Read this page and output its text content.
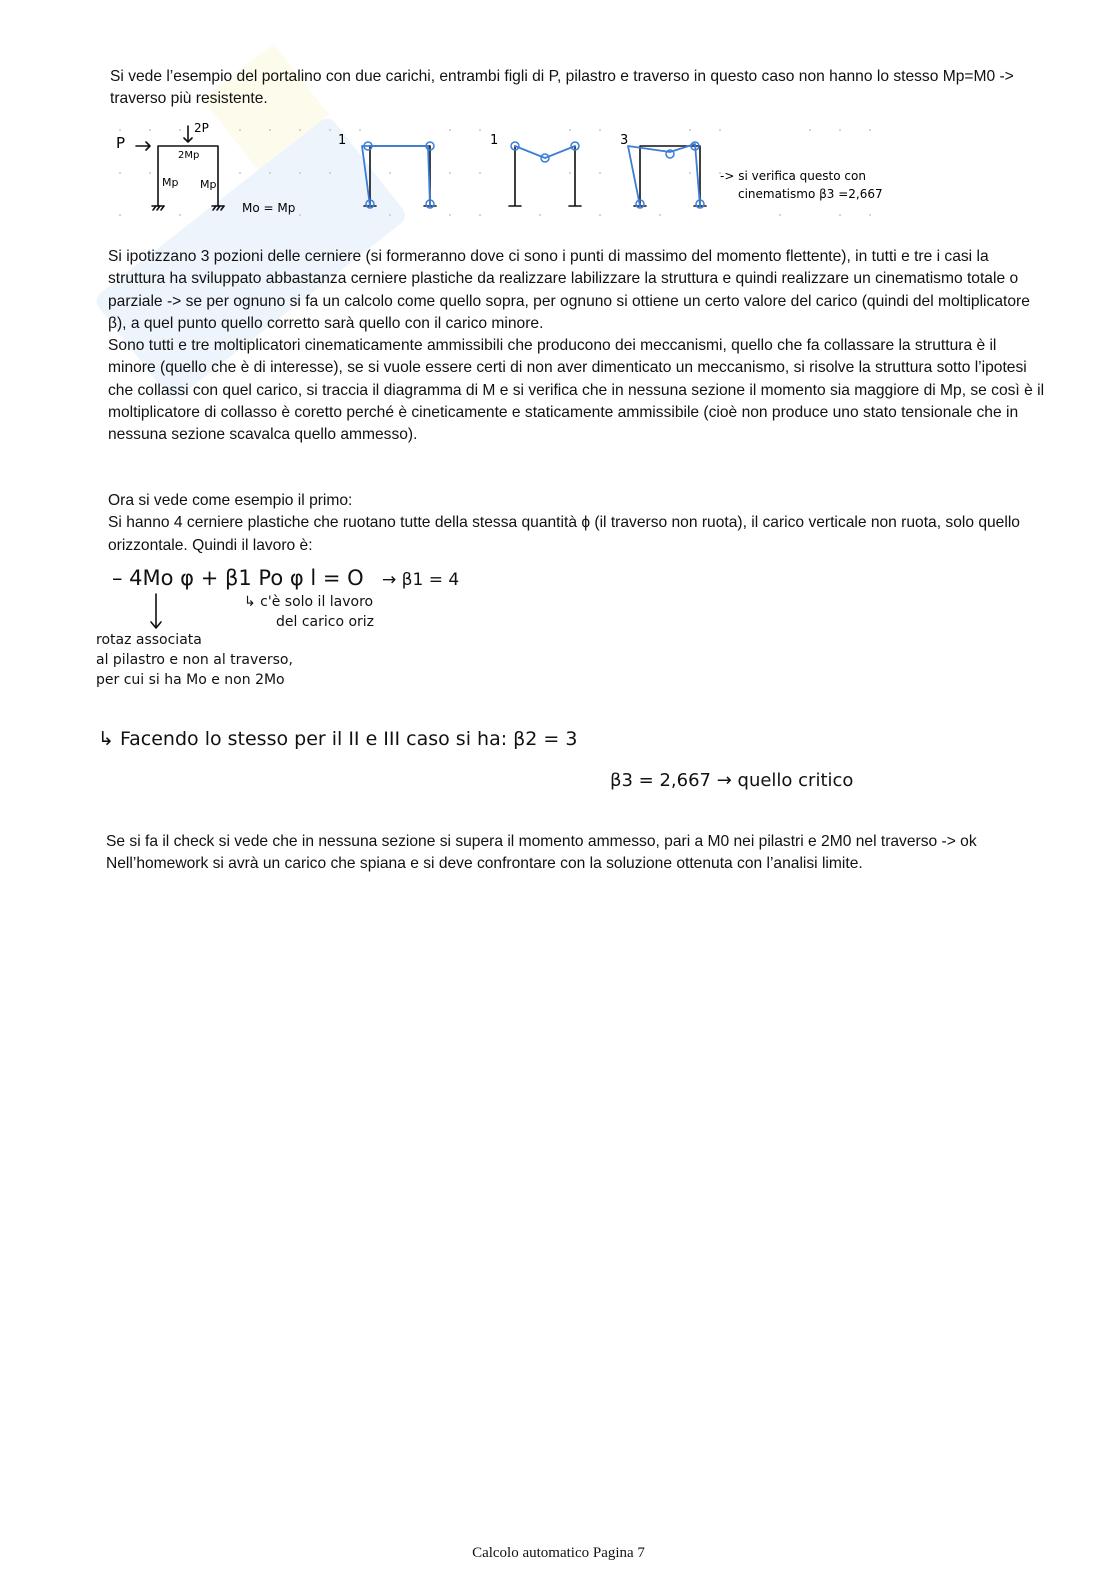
Si vede l’esempio del portalino con due carichi, entrambi figli di P, pilastro e traverso in questo caso non hanno lo stesso Mp=M0 ->
traverso più resistente.

P
2P
2Mp
Mp Mp
Mo = Mp
1	1	3
-> si verifica questo con
cinematismo β3 =2,667

Si ipotizzano 3 pozioni delle cerniere (si formeranno dove ci sono i punti di massimo del momento flettente), in tutti e tre i casi la
struttura ha sviluppato abbastanza cerniere plastiche da realizzare labilizzare la struttura e quindi realizzare un cinematismo totale o
parziale -> se per ognuno si fa un calcolo come quello sopra, per ognuno si ottiene un certo valore del carico (quindi del moltiplicatore
β), a quel punto quello corretto sarà quello con il carico minore.
Sono tutti e tre moltiplicatori cinematicamente ammissibili che producono dei meccanismi, quello che fa collassare la struttura è il
minore (quello che è di interesse), se si vuole essere certi di non aver dimenticato un meccanismo, si risolve la struttura sotto l’ipotesi
che collassi con quel carico, si traccia il diagramma di M e si verifica che in nessuna sezione il momento sia maggiore di Mp, se così è il
moltiplicatore di collasso è coretto perché è cineticamente e staticamente ammissibile (cioè non produce uno stato tensionale che in
nessuna sezione scavalca quello ammesso).

Ora si vede come esempio il primo:
Si hanno 4 cerniere plastiche che ruotano tutte della stessa quantità ϕ (il traverso non ruota), il carico verticale non ruota, solo quello
orizzontale. Quindi il lavoro è:

– 4Mo φ + β1 Po φ l = O → β1 = 4
↳ c'è solo il lavoro
del carico oriz
rotaz associata
al pilastro e non al traverso,
per cui si ha Mo e non 2Mo
↳ Facendo lo stesso per il II e III caso si ha: β2 = 3
β3 = 2,667 → quello critico

Se si fa il check si vede che in nessuna sezione si supera il momento ammesso, pari a M0 nei pilastri e 2M0 nel traverso -> ok
Nell’homework si avrà un carico che spiana e si deve confrontare con la soluzione ottenuta con l’analisi limite.

Calcolo automatico Pagina 7
